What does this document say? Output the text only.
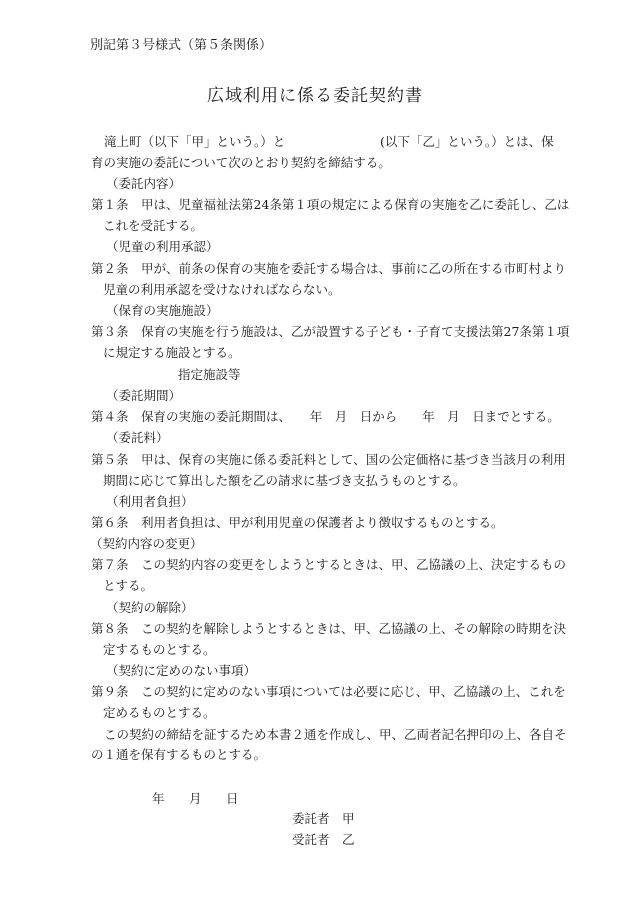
別記第３号様式（第５条関係）
広域利用に係る委託契約書
滝上町（以下「甲」という。）と	(以下「乙」という。）とは、保
育の実施の委託について次のとおり契約を締結する。
（委託内容）
第１条　甲は、児童福祉法第24条第１項の規定による保育の実施を乙に委託し、乙は
これを受託する。
（児童の利用承認）
第２条　甲が、前条の保育の実施を委託する場合は、事前に乙の所在する市町村より
児童の利用承認を受けなければならない。
（保育の実施施設）
第３条　保育の実施を行う施設は、乙が設置する子ども・子育て支援法第27条第１項
に規定する施設とする。
指定施設等
（委託期間）
第４条　保育の実施の委託期間は、　　年　月　日から　　年　月　日までとする。
（委託料）
第５条　甲は、保育の実施に係る委託料として、国の公定価格に基づき当該月の利用
期間に応じて算出した額を乙の請求に基づき支払うものとする。
（利用者負担）
第６条　利用者負担は、甲が利用児童の保護者より徴収するものとする。
（契約内容の変更）
第７条　この契約内容の変更をしようとするときは、甲、乙協議の上、決定するもの
とする。
（契約の解除）
第８条　この契約を解除しようとするときは、甲、乙協議の上、その解除の時期を決
定するものとする。
（契約に定めのない事項）
第９条　この契約に定めのない事項については必要に応じ、甲、乙協議の上、これを
定めるものとする。
この契約の締結を証するため本書２通を作成し、甲、乙両者記名押印の上、各自そ
の１通を保有するものとする。
年 月 日
委託者 甲
受託者 乙
